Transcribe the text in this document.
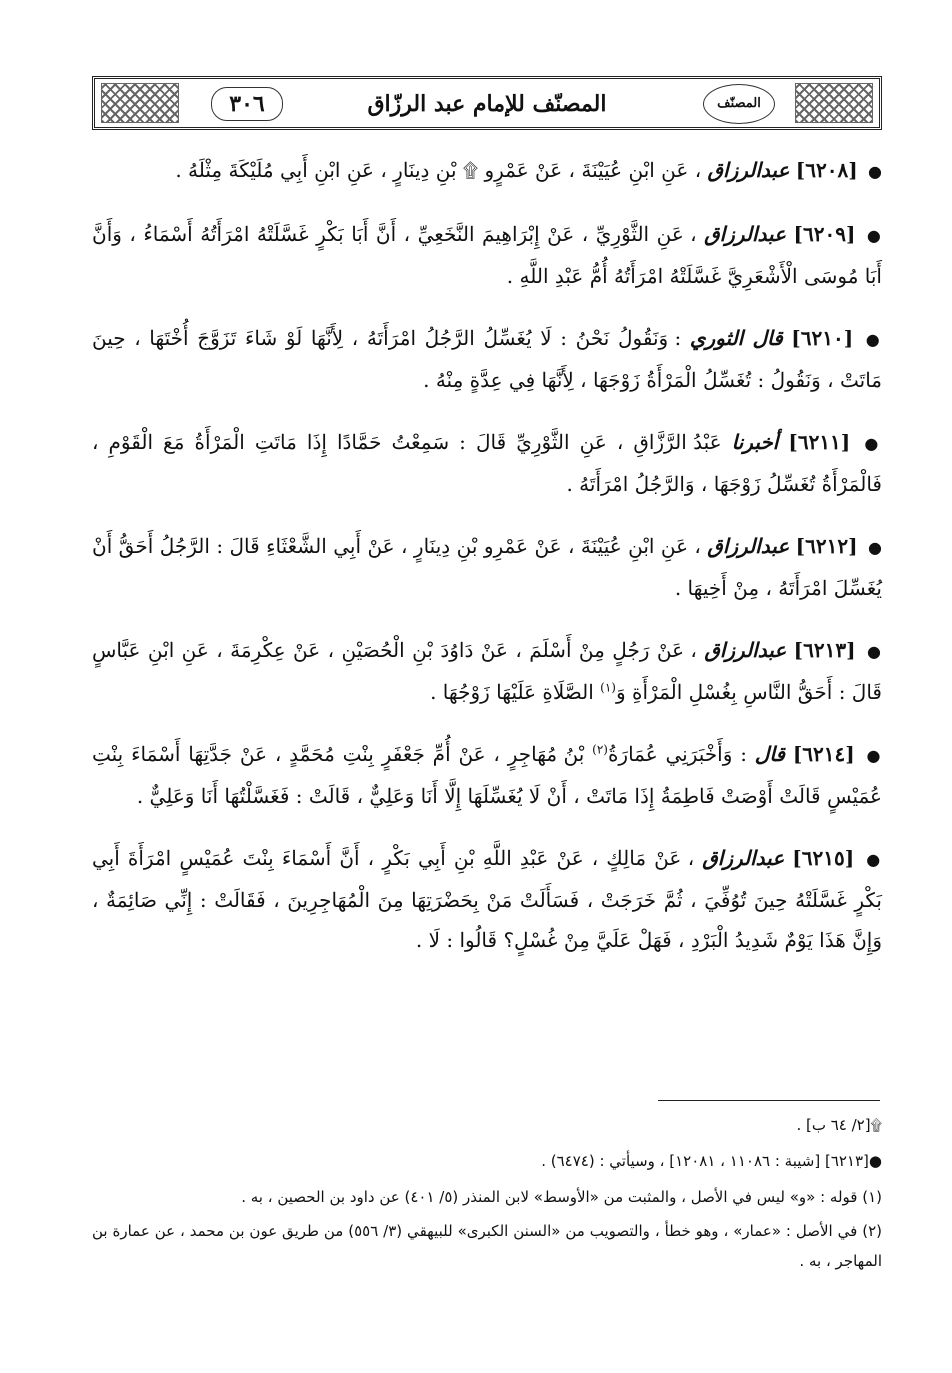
٣٠٦	المصنّف للإمام عبد الرزّاق	المصنّف

● [٦٢٠٨] عبدالرزاق ، عَنِ ابْنِ عُيَيْنَةَ ، عَنْ عَمْرٍو ۩ بْنِ دِينَارٍ ، عَنِ ابْنِ أَبِي مُلَيْكَةَ مِثْلَهُ .

● [٦٢٠٩] عبدالرزاق ، عَنِ الثَّوْرِيِّ ، عَنْ إِبْرَاهِيمَ النَّخَعِيِّ ، أَنَّ أَبَا بَكْرٍ غَسَّلَتْهُ امْرَأَتُهُ أَسْمَاءُ ، وَأَنَّ أَبَا مُوسَى الْأَشْعَرِيَّ غَسَّلَتْهُ امْرَأَتُهُ أُمُّ عَبْدِ اللَّهِ .

● [٦٢١٠] قال الثوري : وَنَقُولُ نَحْنُ : لَا يُغَسِّلُ الرَّجُلُ امْرَأَتَهُ ، لِأَنَّهَا لَوْ شَاءَ تَزَوَّجَ أُخْتَهَا ، حِينَ مَاتَتْ ، وَنَقُولُ : تُغَسِّلُ الْمَرْأَةُ زَوْجَهَا ، لِأَنَّهَا فِي عِدَّةٍ مِنْهُ .

● [٦٢١١] أخبرنا عَبْدُ الرَّزَّاقِ ، عَنِ الثَّوْرِيِّ قَالَ : سَمِعْتُ حَمَّادًا إِذَا مَاتَتِ الْمَرْأَةُ مَعَ الْقَوْمِ ، فَالْمَرْأَةُ تُغَسِّلُ زَوْجَهَا ، وَالرَّجُلُ امْرَأَتَهُ .

● [٦٢١٢] عبدالرزاق ، عَنِ ابْنِ عُيَيْنَةَ ، عَنْ عَمْرِو بْنِ دِينَارٍ ، عَنْ أَبِي الشَّعْثَاءِ قَالَ : الرَّجُلُ أَحَقُّ أَنْ يُغَسِّلَ امْرَأَتَهُ ، مِنْ أَخِيهَا .

● [٦٢١٣] عبدالرزاق ، عَنْ رَجُلٍ مِنْ أَسْلَمَ ، عَنْ دَاوُدَ بْنِ الْحُصَيْنِ ، عَنْ عِكْرِمَةَ ، عَنِ ابْنِ عَبَّاسٍ قَالَ : أَحَقُّ النَّاسِ بِغُسْلِ الْمَرْأَةِ وَ$^{(١)}$ الصَّلَاةِ عَلَيْهَا زَوْجُهَا .

● [٦٢١٤] قال : وَأَخْبَرَنِي عُمَارَةُ$^{(٢)}$ بْنُ مُهَاجِرٍ ، عَنْ أُمِّ جَعْفَرٍ بِنْتِ مُحَمَّدٍ ، عَنْ جَدَّتِهَا أَسْمَاءَ بِنْتِ عُمَيْسٍ قَالَتْ أَوْصَتْ فَاطِمَةُ إِذَا مَاتَتْ ، أَنْ لَا يُغَسِّلَهَا إِلَّا أَنَا وَعَلِيٌّ ، قَالَتْ : فَغَسَّلْتُهَا أَنَا وَعَلِيٌّ .

● [٦٢١٥] عبدالرزاق ، عَنْ مَالِكٍ ، عَنْ عَبْدِ اللَّهِ بْنِ أَبِي بَكْرٍ ، أَنَّ أَسْمَاءَ بِنْتَ عُمَيْسٍ امْرَأَةَ أَبِي بَكْرٍ غَسَّلَتْهُ حِينَ تُوُفِّيَ ، ثُمَّ خَرَجَتْ ، فَسَأَلَتْ مَنْ بِحَضْرَتِهَا مِنَ الْمُهَاجِرِينَ ، فَقَالَتْ : إِنِّي صَائِمَةٌ ، وَإِنَّ هَذَا يَوْمٌ شَدِيدُ الْبَرْدِ ، فَهَلْ عَلَيَّ مِنْ غُسْلٍ؟ قَالُوا : لَا .

۩[٢/ ٦٤ ب] .

●[٦٢١٣] [شيبة : ١١٠٨٦ ، ١٢٠٨١] ، وسيأتي : (٦٤٧٤) .

(١) قوله : «و» ليس في الأصل ، والمثبت من «الأوسط» لابن المنذر (٥/ ٤٠١) عن داود بن الحصين ، به .

(٢) في الأصل : «عمار» ، وهو خطأ ، والتصويب من «السنن الكبرى» للبيهقي (٣/ ٥٥٦) من طريق عون بن محمد ، عن عمارة بن المهاجر ، به .
